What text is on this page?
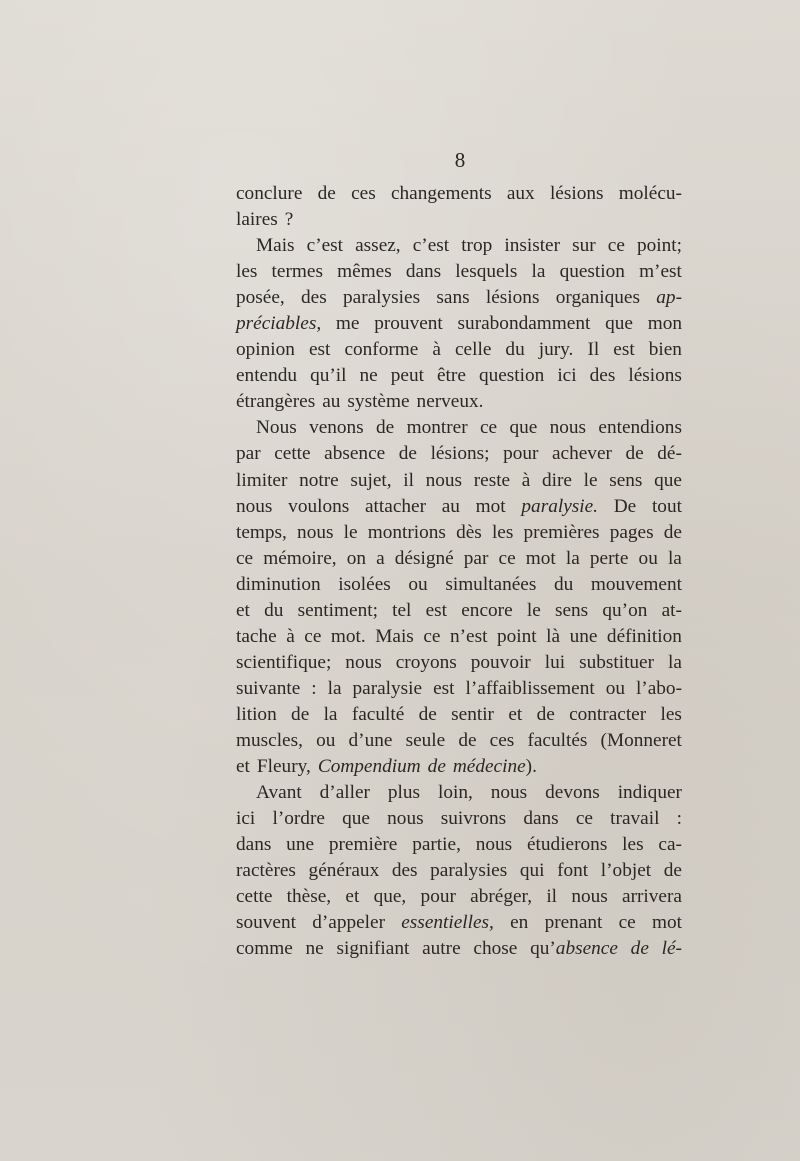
8
conclure de ces changements aux lésions molécu-
laires ?
Mais c’est assez, c’est trop insister sur ce point;
les termes mêmes dans lesquels la question m’est
posée, des paralysies sans lésions organiques ap-
préciables, me prouvent surabondamment que mon
opinion est conforme à celle du jury. Il est bien
entendu qu’il ne peut être question ici des lésions
étrangères au système nerveux.
Nous venons de montrer ce que nous entendions
par cette absence de lésions; pour achever de dé-
limiter notre sujet, il nous reste à dire le sens que
nous voulons attacher au mot paralysie. De tout
temps, nous le montrions dès les premières pages de
ce mémoire, on a désigné par ce mot la perte ou la
diminution isolées ou simultanées du mouvement
et du sentiment; tel est encore le sens qu’on at-
tache à ce mot. Mais ce n’est point là une définition
scientifique; nous croyons pouvoir lui substituer la
suivante : la paralysie est l’affaiblissement ou l’abo-
lition de la faculté de sentir et de contracter les
muscles, ou d’une seule de ces facultés (Monneret
et Fleury, Compendium de médecine).
Avant d’aller plus loin, nous devons indiquer
ici l’ordre que nous suivrons dans ce travail :
dans une première partie, nous étudierons les ca-
ractères généraux des paralysies qui font l’objet de
cette thèse, et que, pour abréger, il nous arrivera
souvent d’appeler essentielles, en prenant ce mot
comme ne signifiant autre chose qu’absence de lé-
